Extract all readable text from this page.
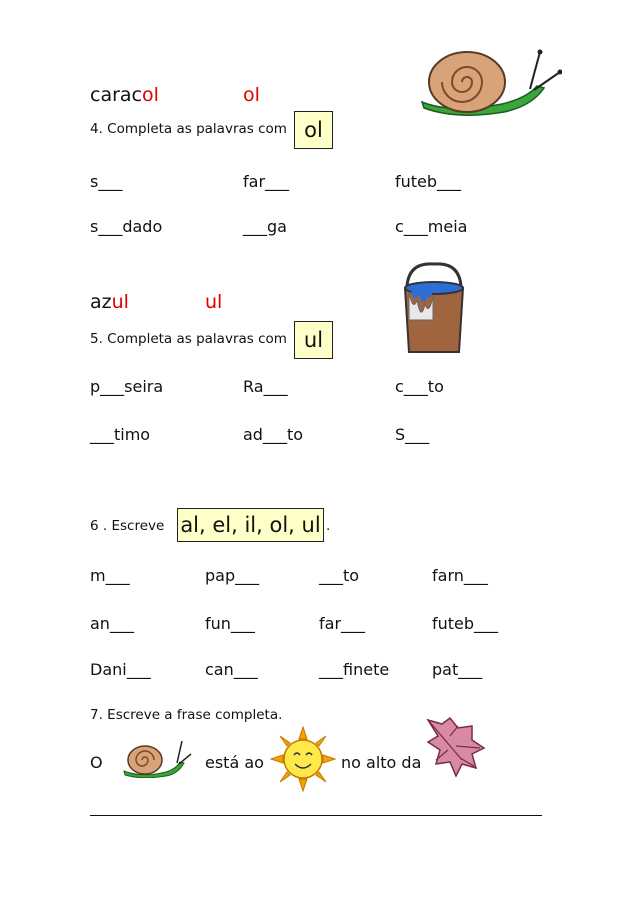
caracol	ol
4. Completa as palavras com ol
s___	far___	futeb___
s___dado	___ga	c___meia
azul	ul
5. Completa as palavras com ul
p___seira	Ra___	c___to
___timo	ad___to	S___
6 . Escreve al, el, il, ol, ul .
m___	pap___	___to	farn___
an___	fun___	far___	futeb___
Dani___	can___	___finete	pat___
7. Escreve a frase completa.
O	está ao	no alto da
